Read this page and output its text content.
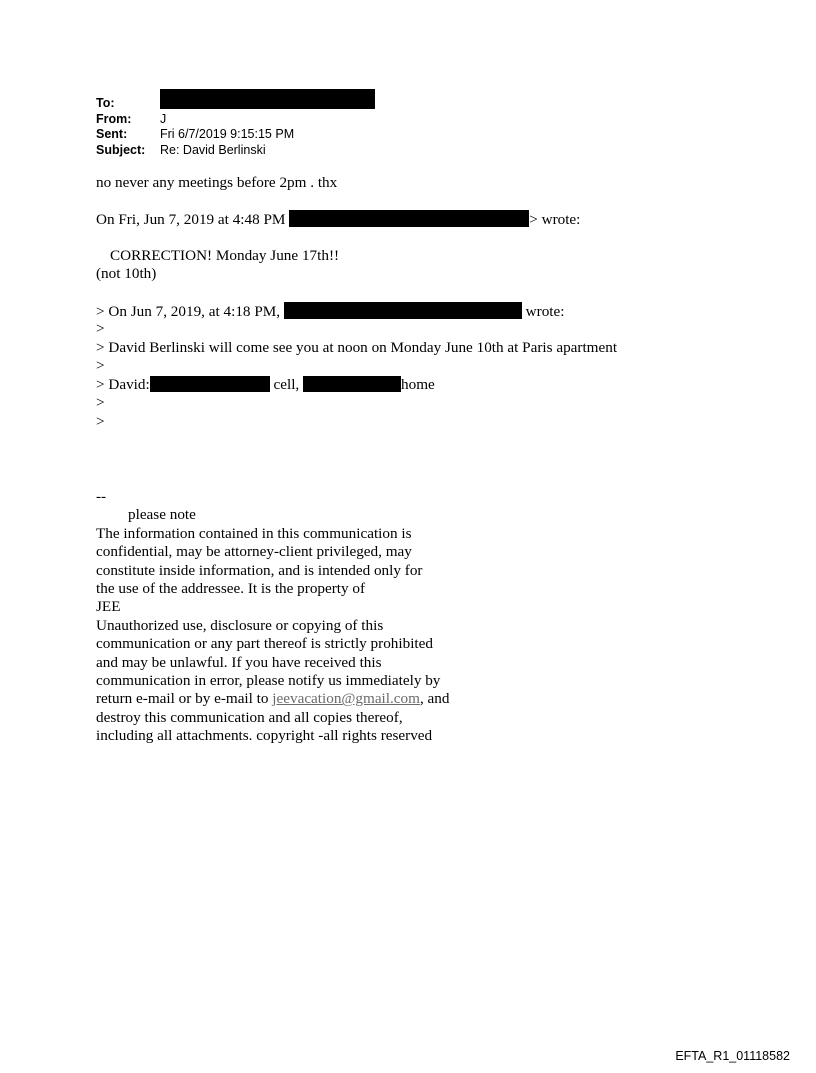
To:
From: J
Sent:	Fri 6/7/2019 9:15:15 PM
Subject: Re: David Berlinski
no never any meetings before 2pm . thx
On Fri, Jun 7, 2019 at 4:48 PM	> wrote:
CORRECTION! Monday June 17th!!
(not 10th)
> On Jun 7, 2019, at 4:18 PM,	wrote:
>
> David Berlinski will come see you at noon on Monday June 10th at Paris apartment
>
> David:	cell,	home
>
>
--
please note
The information contained in this communication is
confidential, may be attorney-client privileged, may
constitute inside information, and is intended only for
the use of the addressee. It is the property of
JEE
Unauthorized use, disclosure or copying of this
communication or any part thereof is strictly prohibited
and may be unlawful. If you have received this
communication in error, please notify us immediately by
return e-mail or by e-mail to jeevacation@gmail.com, and
destroy this communication and all copies thereof,
including all attachments. copyright -all rights reserved
EFTA_R1_01118582
